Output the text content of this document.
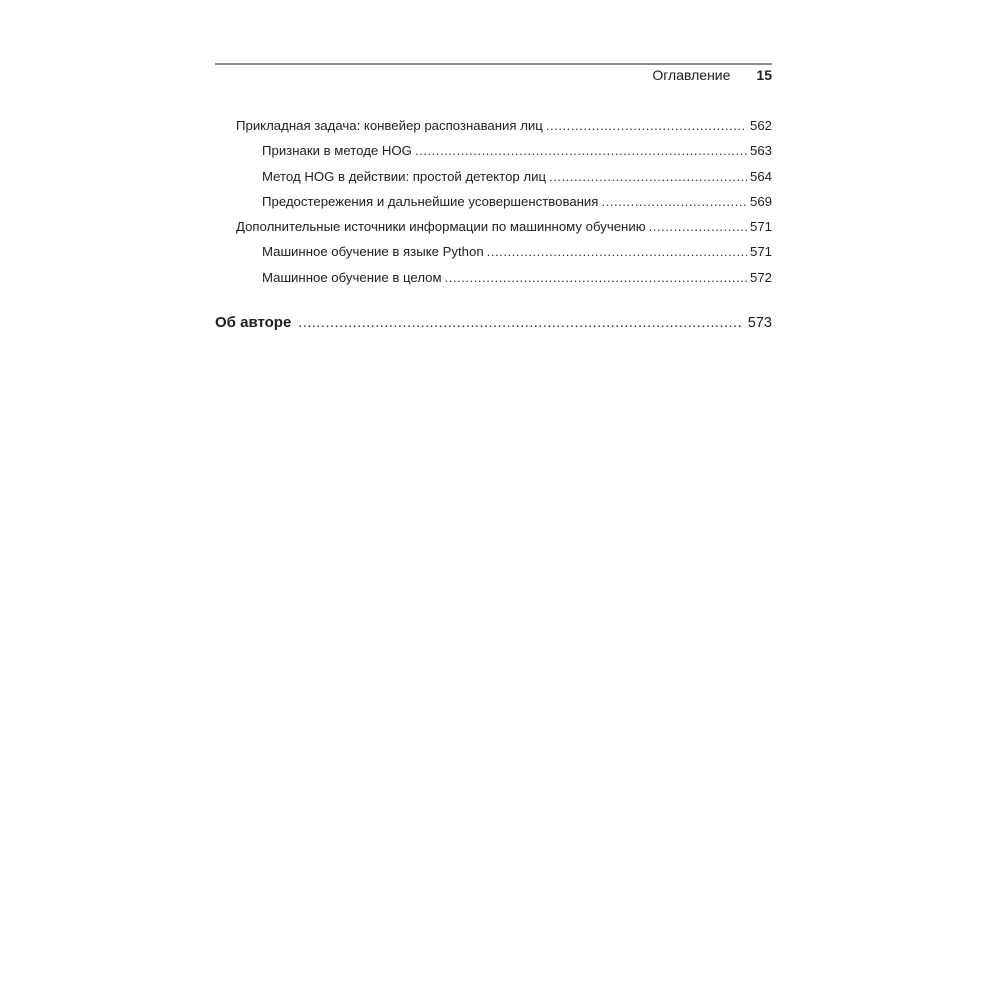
Оглавление 15
Прикладная задача: конвейер распознавания лиц .....	562
Признаки в методе HOG .....	563
Метод HOG в действии: простой детектор лиц .....	564
Предостережения и дальнейшие усовершенствования .....	569
Дополнительные источники информации по машинному обучению .....	571
Машинное обучение в языке Python .....	571
Машинное обучение в целом .....	572
Об авторе .....	573
